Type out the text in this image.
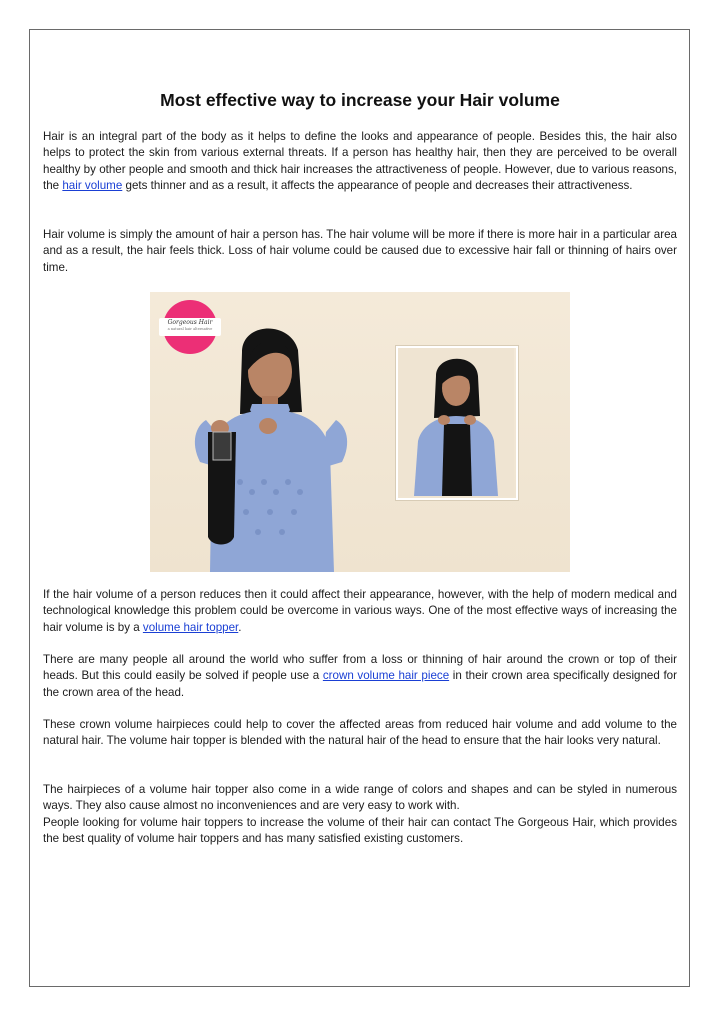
Most effective way to increase your Hair volume

Hair is an integral part of the body as it helps to define the looks and appearance of people. Besides this, the hair also helps to protect the skin from various external threats. If a person has healthy hair, then they are perceived to be overall healthy by other people and smooth and thick hair increases the attractiveness of people. However, due to various reasons, the hair volume gets thinner and as a result, it affects the appearance of people and decreases their attractiveness.

Hair volume is simply the amount of hair a person has. The hair volume will be more if there is more hair in a particular area and as a result, the hair feels thick. Loss of hair volume could be caused due to excessive hair fall or thinning of hairs over time.

Gorgeous Hair
a natural hair alternative

If the hair volume of a person reduces then it could affect their appearance, however, with the help of modern medical and technological knowledge this problem could be overcome in various ways. One of the most effective ways of increasing the hair volume is by a volume hair topper.

There are many people all around the world who suffer from a loss or thinning of hair around the crown or top of their heads. But this could easily be solved if people use a crown volume hair piece in their crown area specifically designed for the crown area of the head.

These crown volume hairpieces could help to cover the affected areas from reduced hair volume and add volume to the natural hair. The volume hair topper is blended with the natural hair of the head to ensure that the hair looks very natural.

The hairpieces of a volume hair topper also come in a wide range of colors and shapes and can be styled in numerous ways. They also cause almost no inconveniences and are very easy to work with.
People looking for volume hair toppers to increase the volume of their hair can contact The Gorgeous Hair, which provides the best quality of volume hair toppers and has many satisfied existing customers.
